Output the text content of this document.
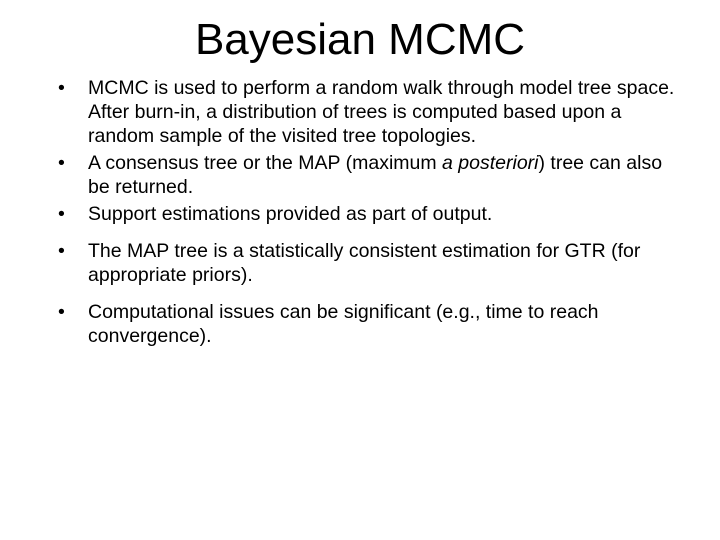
Bayesian MCMC
• MCMC is used to perform a random walk through model tree space. After burn-in, a distribution of trees is computed based upon a random sample of the visited tree topologies.
• A consensus tree or the MAP (maximum a posteriori) tree can also be returned.
• Support estimations provided as part of output.
• The MAP tree is a statistically consistent estimation for GTR (for appropriate priors).
• Computational issues can be significant (e.g., time to reach convergence).
